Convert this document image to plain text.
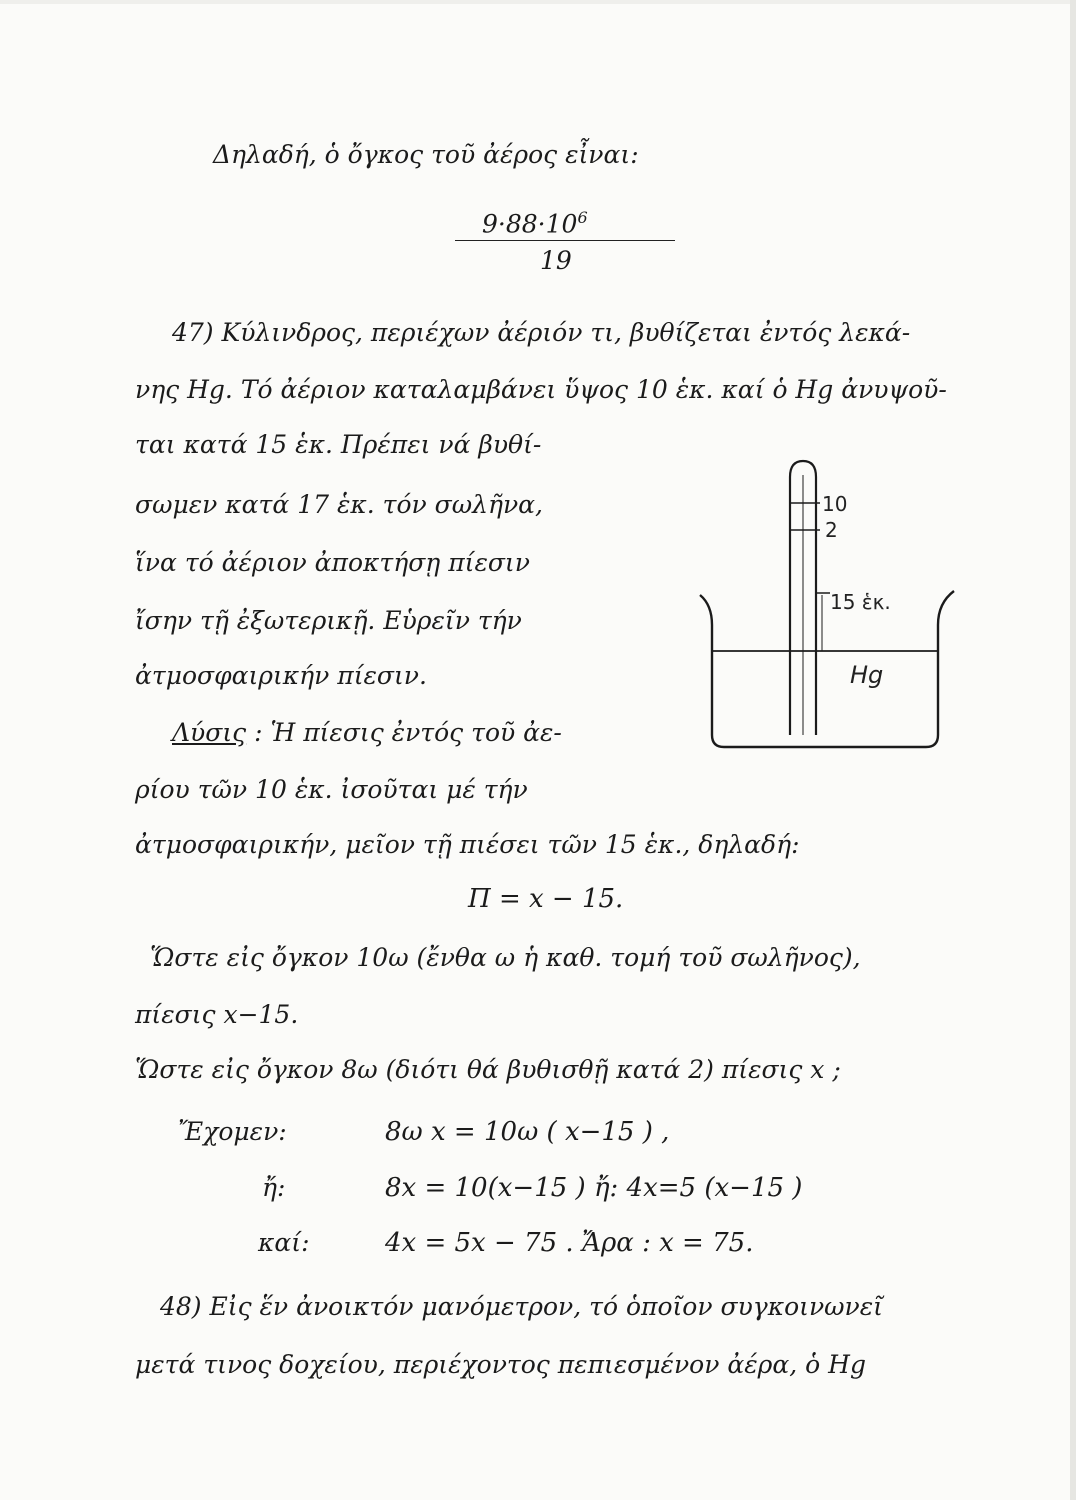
Δηλαδή, ὁ ὄγκος τοῦ ἀέρος εἶναι:
$9\cdot 88\cdot 10^6$
19
47) Κύλινδρος, περιέχων ἀέριόν τι, βυθίζεται ἐντός λεκά-
νης Hg. Τό ἀέριον καταλαμβάνει ὕψος 10 ἑκ. καί ὁ Hg ἀνυψοῦ-
ται κατά 15 ἑκ. Πρέπει νά βυθί-
σωμεν κατά 17 ἑκ. τόν σωλῆνα,
ἵνα τό ἀέριον ἀποκτήσῃ πίεσιν
ἴσην τῇ ἐξωτερικῇ. Εὑρεῖν τήν
ἀτμοσφαιρικήν πίεσιν.
Λύσις : Ἡ πίεσις ἐντός τοῦ ἀε-
ρίου τῶν 10 ἑκ. ἰσοῦται μέ τήν
ἀτμοσφαιρικήν, μεῖον τῇ πιέσει τῶν 15 ἑκ., δηλαδή:
Π = x − 15.
Ὥστε εἰς ὄγκον 10ω (ἔνθα ω ἡ καθ. τομή τοῦ σωλῆνος),
πίεσις x−15.
Ὥστε εἰς ὄγκον 8ω (διότι θά βυθισθῇ κατά 2) πίεσις x ;
Ἔχομεν:	8ω x = 10ω ( x−15 ) ,
ἤ:	8x = 10(x−15 ) ἤ: 4x=5 (x−15 )
καί:	4x = 5x − 75 . Ἄρα : x = 75.
48) Εἰς ἕν ἀνοικτόν μανόμετρον, τό ὁποῖον συγκοινωνεῖ
μετά τινος δοχείου, περιέχοντος πεπιεσμένον ἀέρα, ὁ Hg
10
2
15 ἑκ.
Hg
